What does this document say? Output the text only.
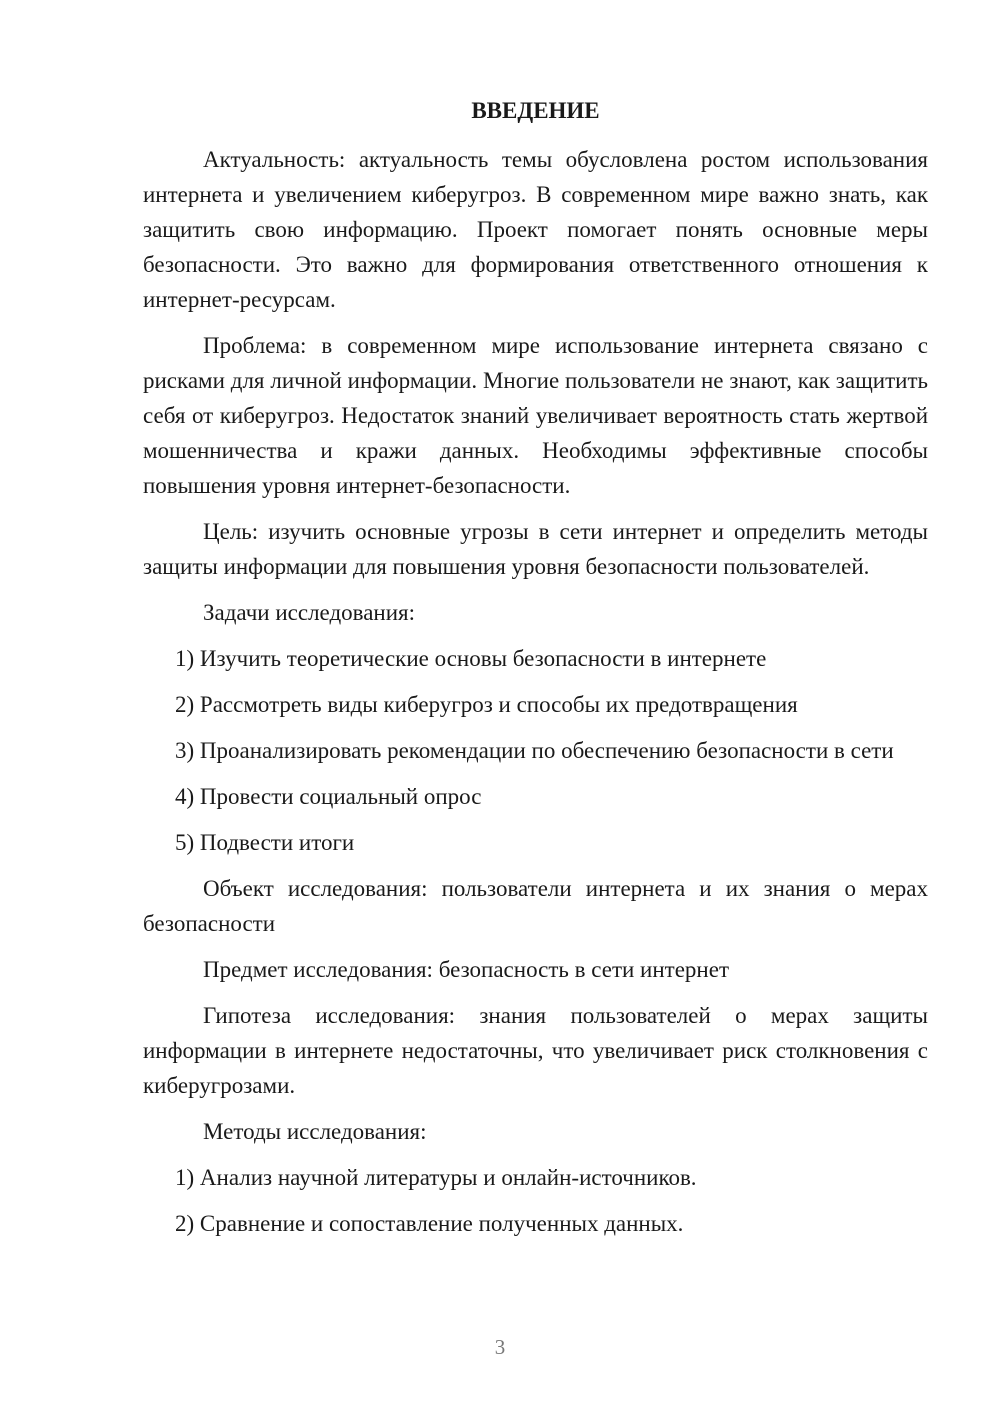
ВВЕДЕНИЕ

Актуальность: актуальность темы обусловлена ростом использования интернета и увеличением киберугроз. В современном мире важно знать, как защитить свою информацию. Проект помогает понять основные меры безопасности. Это важно для формирования ответственного отношения к интернет-ресурсам.

Проблема: в современном мире использование интернета связано с рисками для личной информации. Многие пользователи не знают, как защитить себя от киберугроз. Недостаток знаний увеличивает вероятность стать жертвой мошенничества и кражи данных. Необходимы эффективные способы повышения уровня интернет-безопасности.

Цель: изучить основные угрозы в сети интернет и определить методы защиты информации для повышения уровня безопасности пользователей.

Задачи исследования:

1) Изучить теоретические основы безопасности в интернете

2) Рассмотреть виды киберугроз и способы их предотвращения

3) Проанализировать рекомендации по обеспечению безопасности в сети

4) Провести социальный опрос

5) Подвести итоги

Объект исследования: пользователи интернета и их знания о мерах безопасности

Предмет исследования: безопасность в сети интернет

Гипотеза исследования: знания пользователей о мерах защиты информации в интернете недостаточны, что увеличивает риск столкновения с киберугрозами.

Методы исследования:

1) Анализ научной литературы и онлайн-источников.

2) Сравнение и сопоставление полученных данных.

3
